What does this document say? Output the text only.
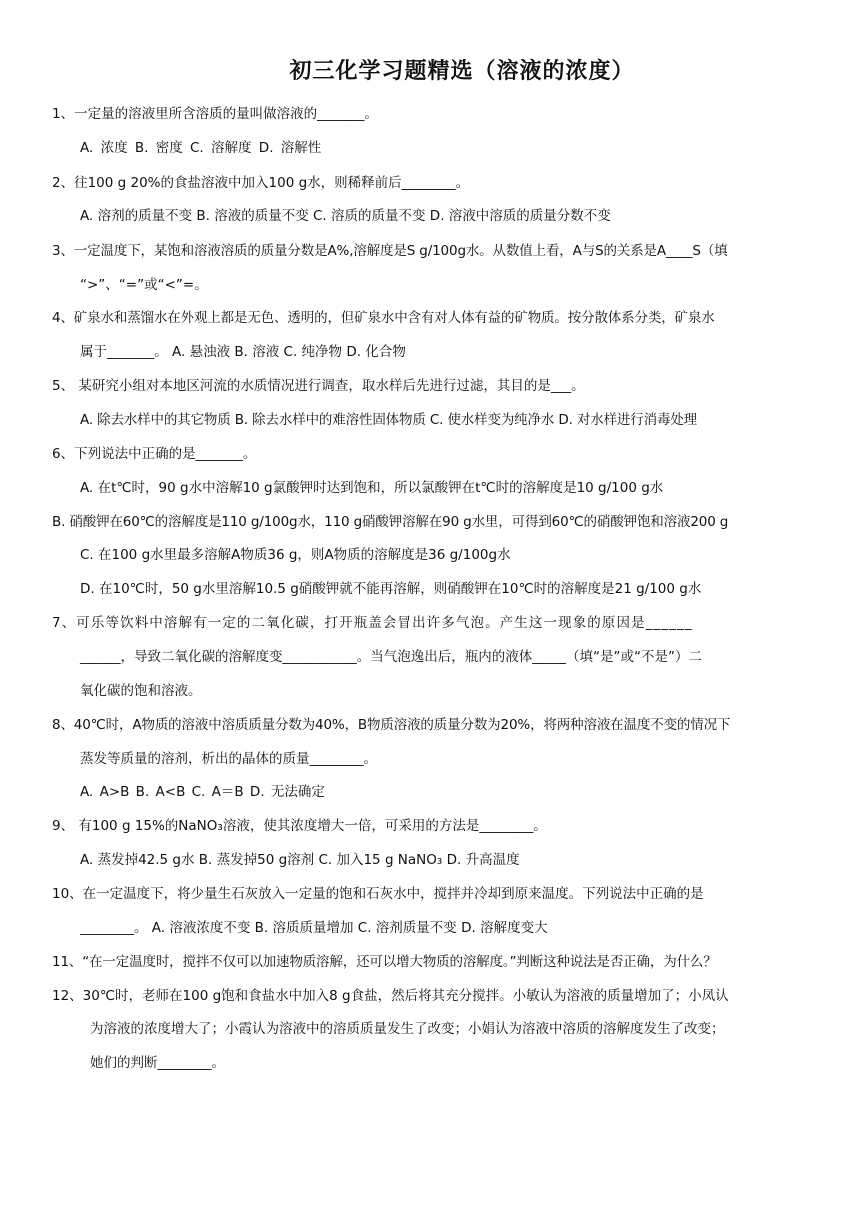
初三化学习题精选（溶液的浓度）
1、一定量的溶液里所含溶质的量叫做溶液的_______。
A. 浓度 B. 密度 C. 溶解度 D. 溶解性
2、往100 g 20%的食盐溶液中加入100 g水，则稀释前后________。
A. 溶剂的质量不变 B. 溶液的质量不变 C. 溶质的质量不变 D. 溶液中溶质的质量分数不变
3、一定温度下，某饱和溶液溶质的质量分数是A%,溶解度是S g/100g水。从数值上看，A与S的关系是A____S（填
“>”、“=”或“<”=。
4、矿泉水和蒸馏水在外观上都是无色、透明的，但矿泉水中含有对人体有益的矿物质。按分散体系分类，矿泉水
属于_______。 A. 悬浊液 B. 溶液 C. 纯净物 D. 化合物
5、 某研究小组对本地区河流的水质情况进行调查，取水样后先进行过滤，其目的是___。
A. 除去水样中的其它物质 B. 除去水样中的难溶性固体物质 C. 使水样变为纯净水 D. 对水样进行消毒处理
6、下列说法中正确的是_______。
A. 在t℃时，90 g水中溶解10 g氯酸钾时达到饱和，所以氯酸钾在t℃时的溶解度是10 g/100 g水
B. 硝酸钾在60℃的溶解度是110 g/100g水，110 g硝酸钾溶解在90 g水里，可得到60℃的硝酸钾饱和溶液200 g
C. 在100 g水里最多溶解A物质36 g，则A物质的溶解度是36 g/100g水
D. 在10℃时，50 g水里溶解10.5 g硝酸钾就不能再溶解，则硝酸钾在10℃时的溶解度是21 g/100 g水
7、可乐等饮料中溶解有一定的二氧化碳，打开瓶盖会冒出许多气泡。产生这一现象的原因是______
______，导致二氧化碳的溶解度变___________。当气泡逸出后，瓶内的液体_____（填“是”或“不是”）二
氧化碳的饱和溶液。
8、40℃时，A物质的溶液中溶质质量分数为40%，B物质溶液的质量分数为20%，将两种溶液在温度不变的情况下
蒸发等质量的溶剂，析出的晶体的质量________。
A. A>B B. A<B C. A＝B D. 无法确定
9、 有100 g 15%的NaNO₃溶液，使其浓度增大一倍，可采用的方法是________。
A. 蒸发掉42.5 g水 B. 蒸发掉50 g溶剂 C. 加入15 g NaNO₃ D. 升高温度
10、在一定温度下，将少量生石灰放入一定量的饱和石灰水中，搅拌并冷却到原来温度。下列说法中正确的是
________。 A. 溶液浓度不变 B. 溶质质量增加 C. 溶剂质量不变 D. 溶解度变大
11、“在一定温度时，搅拌不仅可以加速物质溶解，还可以增大物质的溶解度。”判断这种说法是否正确，为什么？
12、30℃时，老师在100 g饱和食盐水中加入8 g食盐，然后将其充分搅拌。小敏认为溶液的质量增加了；小凤认
为溶液的浓度增大了；小霞认为溶液中的溶质质量发生了改变；小娟认为溶液中溶质的溶解度发生了改变；
她们的判断________。
